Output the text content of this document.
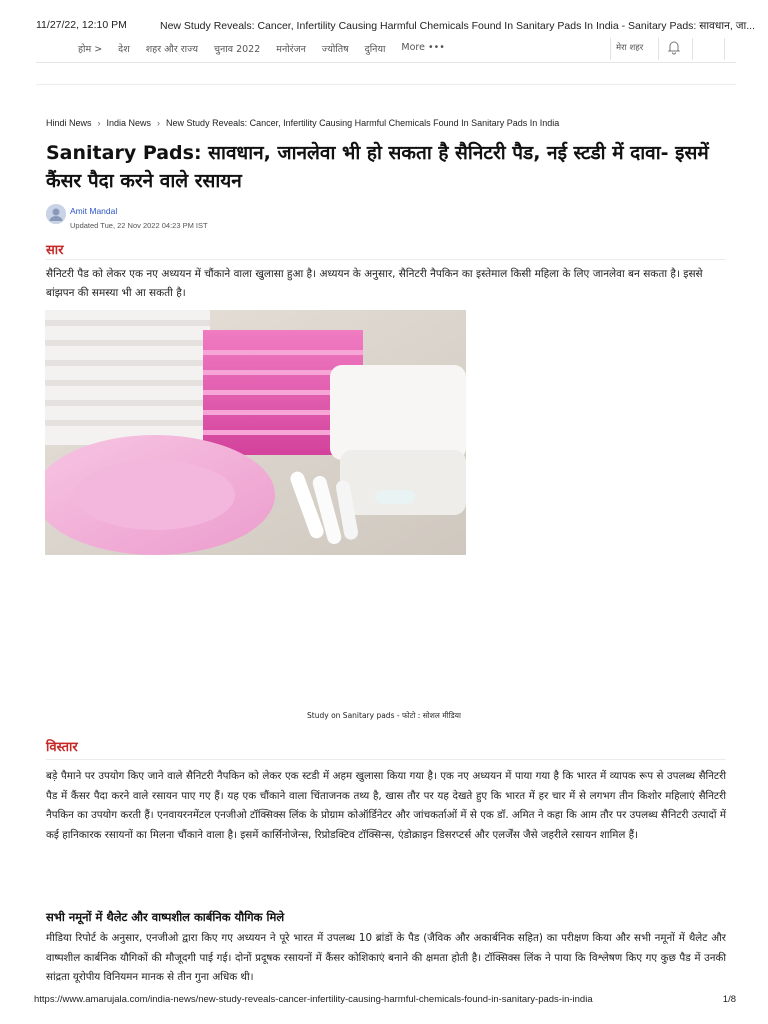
11/27/22, 12:10 PM	New Study Reveals: Cancer, Infertility Causing Harmful Chemicals Found In Sanitary Pads In India - Sanitary Pads: सावधान, जा...
होम > देश शहर और राज्य चुनाव 2022 मनोरंजन ज्योतिष दुनिया More •••	मेरा शहर
Hindi News › India News › New Study Reveals: Cancer, Infertility Causing Harmful Chemicals Found In Sanitary Pads In India
Sanitary Pads: सावधान, जानलेवा भी हो सकता है सैनिटरी पैड, नई स्टडी में दावा- इसमें कैंसर पैदा करने वाले रसायन
Amit Mandal
Updated Tue, 22 Nov 2022 04:23 PM IST
सार

सैनिटरी पैड को लेकर एक नए अध्ययन में चौंकाने वाला खुलासा हुआ है। अध्ययन के अनुसार, सैनिटरी नैपकिन का इस्तेमाल किसी महिला के लिए जानलेवा बन सकता है। इससे बांझपन की समस्या भी आ सकती है।

Study on Sanitary pads - फोटो : सोशल मीडिया
विस्तार

बड़े पैमाने पर उपयोग किए जाने वाले सैनिटरी नैपकिन को लेकर एक स्टडी में अहम खुलासा किया गया है। एक नए अध्ययन में पाया गया है कि भारत में व्यापक रूप से उपलब्ध सैनिटरी पैड में कैंसर पैदा करने वाले रसायन पाए गए हैं। यह एक चौंकाने वाला चिंताजनक तथ्य है, खास तौर पर यह देखते हुए कि भारत में हर चार में से लगभग तीन किशोर महिलाएं सैनिटरी नैपकिन का उपयोग करती हैं। एनवायरनमेंटल एनजीओ टॉक्सिक्स लिंक के प्रोग्राम कोऑर्डिनेटर और जांचकर्ताओं में से एक डॉ. अमित ने कहा कि आम तौर पर उपलब्ध सैनिटरी उत्पादों में कई हानिकारक रसायनों का मिलना चौंकाने वाला है। इसमें कार्सिनोजेन्स, रिप्रोडक्टिव टॉक्सिन्स, एंडोक्राइन डिसरप्टर्स और एलर्जेंस जैसे जहरीले रसायन शामिल हैं।

सभी नमूनों में थैलेट और वाष्पशील कार्बनिक यौगिक मिले

मीडिया रिपोर्ट के अनुसार, एनजीओ द्वारा किए गए अध्ययन ने पूरे भारत में उपलब्ध 10 ब्रांडों के पैड (जैविक और अकार्बनिक सहित) का परीक्षण किया और सभी नमूनों में थैलेट और वाष्पशील कार्बनिक यौगिकों की मौजूदगी पाई गई। दोनों प्रदूषक रसायनों में कैंसर कोशिकाएं बनाने की क्षमता होती है। टॉक्सिक्स लिंक ने पाया कि विश्लेषण किए गए कुछ पैड में उनकी सांद्रता यूरोपीय विनियमन मानक से तीन गुना अधिक थी।

https://www.amarujala.com/india-news/new-study-reveals-cancer-infertility-causing-harmful-chemicals-found-in-sanitary-pads-in-india	1/8
